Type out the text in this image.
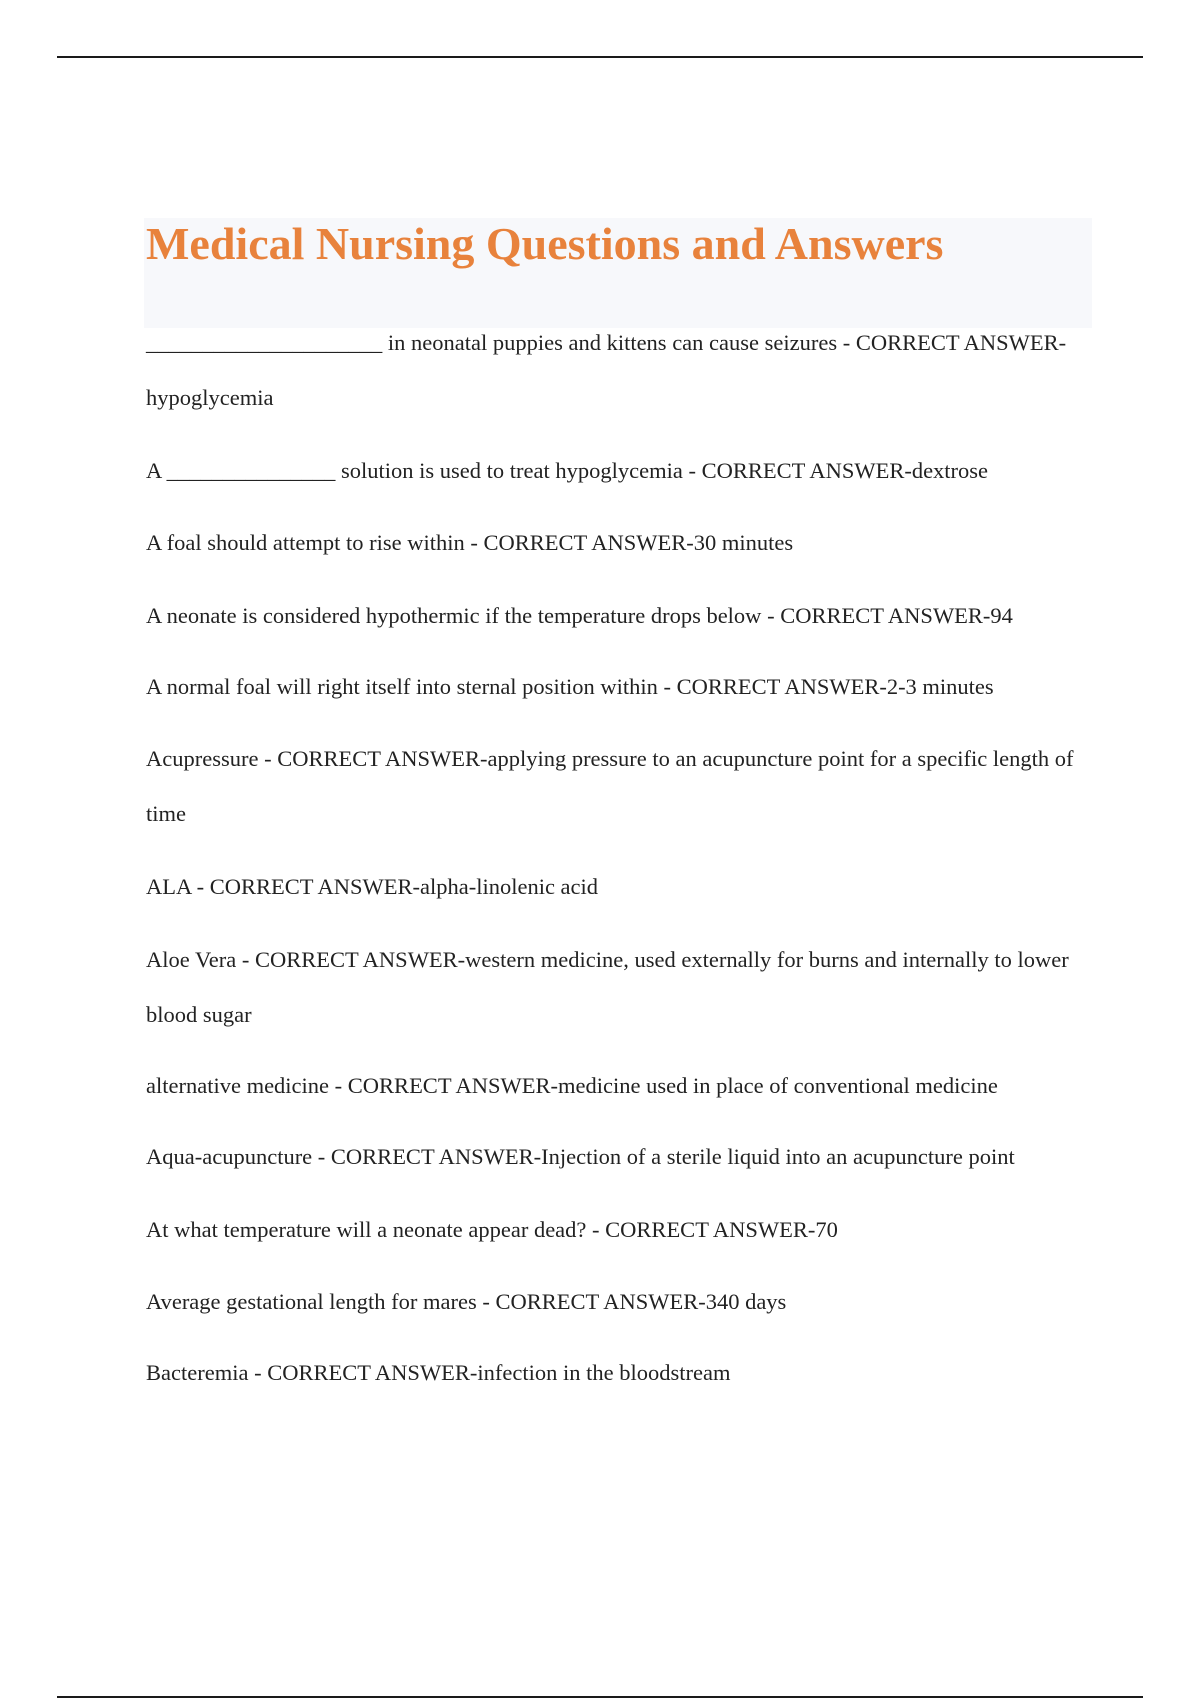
Medical Nursing Questions and Answers

_____________________ in neonatal puppies and kittens can cause seizures - CORRECT ANSWER-hypoglycemia

A _______________ solution is used to treat hypoglycemia - CORRECT ANSWER-dextrose

A foal should attempt to rise within - CORRECT ANSWER-30 minutes

A neonate is considered hypothermic if the temperature drops below - CORRECT ANSWER-94

A normal foal will right itself into sternal position within - CORRECT ANSWER-2-3 minutes

Acupressure - CORRECT ANSWER-applying pressure to an acupuncture point for a specific length of time

ALA - CORRECT ANSWER-alpha-linolenic acid

Aloe Vera - CORRECT ANSWER-western medicine, used externally for burns and internally to lower blood sugar

alternative medicine - CORRECT ANSWER-medicine used in place of conventional medicine

Aqua-acupuncture - CORRECT ANSWER-Injection of a sterile liquid into an acupuncture point

At what temperature will a neonate appear dead? - CORRECT ANSWER-70

Average gestational length for mares - CORRECT ANSWER-340 days

Bacteremia - CORRECT ANSWER-infection in the bloodstream
